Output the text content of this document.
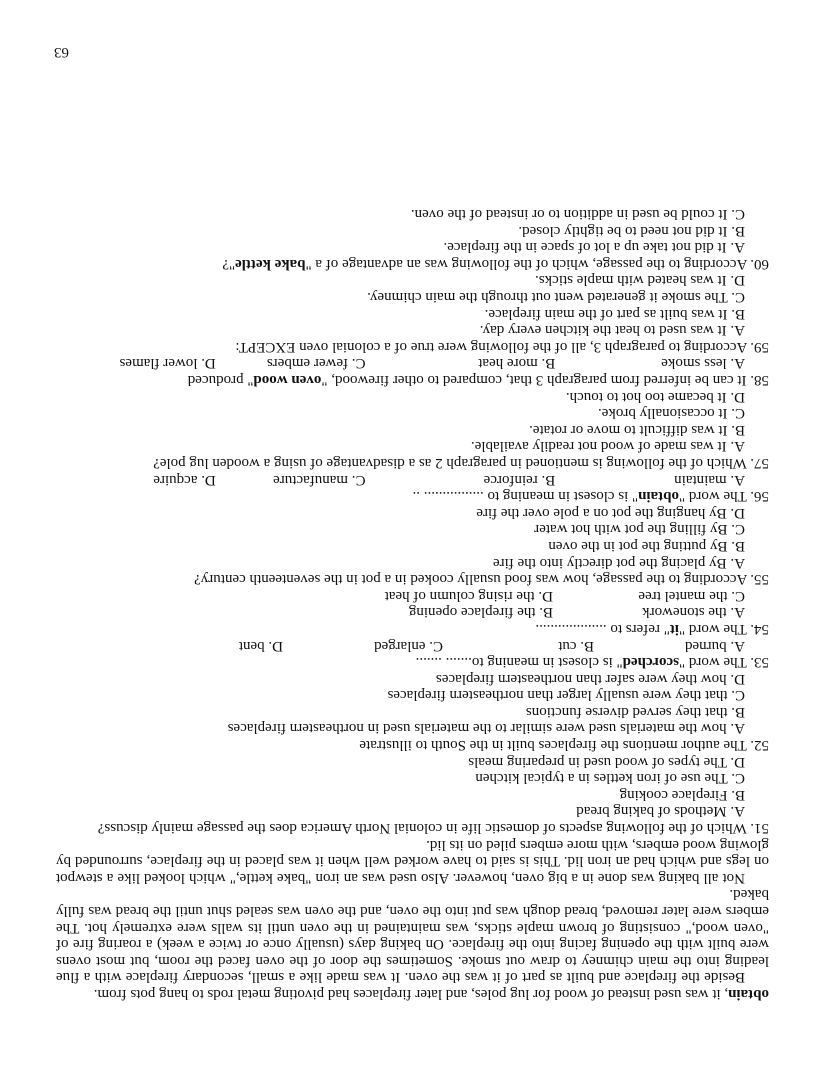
obtain, it was used instead of wood for lug poles, and later fireplaces had pivoting metal rods to hang pots from.

Beside the fireplace and built as part of it was the oven. It was made like a small, secondary fireplace with a flue leading into the main chimney to draw out smoke. Sometimes the door of the oven faced the room, but most ovens were built with the opening facing into the fireplace. On baking days (usually once or twice a week) a roaring fire of "oven wood," consisting of brown maple sticks, was maintained in the oven until its walls were extremely hot. The embers were later removed, bread dough was put into the oven, and the oven was sealed shut until the bread was fully baked.

Not all baking was done in a big oven, however. Also used was an iron "bake kettle," which looked like a stewpot on legs and which had an iron lid. This is said to have worked well when it was placed in the fireplace, surrounded by glowing wood embers, with more embers piled on its lid.

51. Which of the following aspects of domestic life in colonial North America does the passage mainly discuss?

A. Methods of baking bread

B. Fireplace cooking

C. The use of iron kettles in a typical kitchen

D. The types of wood used in preparing meals

52. The author mentions the fireplaces built in the South to illustrate

A. how the materials used were similar to the materials used in northeastern fireplaces

B. that they served diverse functions

C. that they were usually larger than northeastern fireplaces

D. how they were safer than northeastern fireplaces

53. The word "scorched" is closest in meaning to....... .......

A. burned
B. cut
C. enlarged
D. bent

54. The word "it" refers to ...................

A. the stonework
B. the fireplace opening
C. the mantel tree
D. the rising column of heat

55. According to the passage, how was food usually cooked in a pot in the seventeenth century?

A. By placing the pot directly into the fire

B. By putting the pot in the oven

C. By filling the pot with hot water

D. By hanging the pot on a pole over the fire

56. The word "obtain" is closest in meaning to ................ ..

A. maintain
B. reinforce
C. manufacture
D. acquire

57. Which of the following is mentioned in paragraph 2 as a disadvantage of using a wooden lug pole?

A. It was made of wood not readily available.

B. It was difficult to move or rotate.

C. It occasionally broke.

D. It became too hot to touch.

58. It can be inferred from paragraph 3 that, compared to other firewood, "oven wood" produced

A. less smoke
B. more heat
C. fewer embers
D. lower flames

59. According to paragraph 3, all of the following were true of a colonial oven EXCEPT:

A. It was used to heat the kitchen every day.

B. It was built as part of the main fireplace.

C. The smoke it generated went out through the main chimney.

D. It was heated with maple sticks.

60. According to the passage, which of the following was an advantage of a "bake kettle"?

A. It did not take up a lot of space in the fireplace.

B. It did not need to be tightly closed.

C. It could be used in addition to or instead of the oven.

63
